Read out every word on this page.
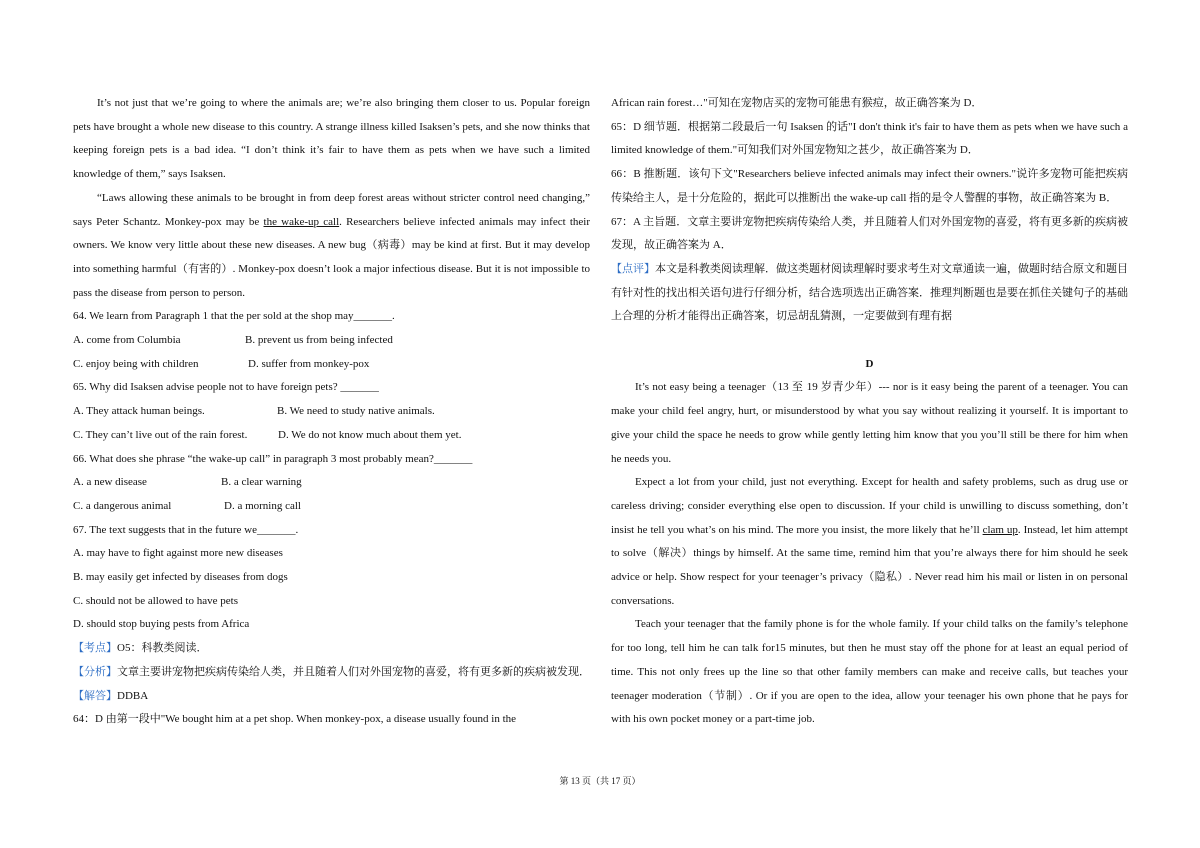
It’s not just that we’re going to where the animals are; we’re also bringing them closer to us. Popular foreign pets have brought a whole new disease to this country. A strange illness killed Isaksen’s pets, and she now thinks that keeping foreign pets is a bad idea. “I don’t think it’s fair to have them as pets when we have such a limited knowledge of them,” says Isaksen.

“Laws allowing these animals to be brought in from deep forest areas without stricter control need changing,” says Peter Schantz. Monkey-pox may be the wake-up call. Researchers believe infected animals may infect their owners. We know very little about these new diseases. A new bug（病毒）may be kind at first. But it may develop into something harmful（有害的）. Monkey-pox doesn’t look a major infectious disease. But it is not impossible to pass the disease from person to person.

64. We learn from Paragraph 1 that the per sold at the shop may_______.

A. come from Columbia	B. prevent us from being infected

C. enjoy being with children	D. suffer from monkey-pox

65. Why did Isaksen advise people not to have foreign pets? _______

A. They attack human beings.	B. We need to study native animals.

C. They can’t live out of the rain forest.	D. We do not know much about them yet.

66. What does she phrase “the wake-up call” in paragraph 3 most probably mean?_______

A. a new disease	B. a clear warning

C. a dangerous animal	D. a morning call

67. The text suggests that in the future we_______.

A. may have to fight against more new diseases

B. may easily get infected by diseases from dogs

C. should not be allowed to have pets

D. should stop buying pests from Africa

【考点】O5：科教类阅读．

【分析】文章主要讲宠物把疾病传染给人类，并且随着人们对外国宠物的喜爱，将有更多新的疾病被发现．

【解答】DDBA

64：D 由第一段中"We bought him at a pet shop. When monkey-pox, a disease usually found in the

African rain forest…"可知在宠物店买的宠物可能患有猴痘，故正确答案为 D．

65：D 细节题．根据第二段最后一句 Isaksen 的话"I don't think it's fair to have them as pets when we have such a limited knowledge of them."可知我们对外国宠物知之甚少，故正确答案为 D．

66：B 推断题．该句下文"Researchers believe infected animals may infect their owners."说许多宠物可能把疾病传染给主人，是十分危险的，据此可以推断出 the wake-up call 指的是令人警醒的事物，故正确答案为 B．

67：A 主旨题．文章主要讲宠物把疾病传染给人类，并且随着人们对外国宠物的喜爱，将有更多新的疾病被发现，故正确答案为 A．

【点评】本文是科教类阅读理解．做这类题材阅读理解时要求考生对文章通读一遍，做题时结合原文和题目有针对性的找出相关语句进行仔细分析，结合选项选出正确答案．推理判断题也是要在抓住关键句子的基础上合理的分析才能得出正确答案，切忌胡乱猜测，一定要做到有理有据

D

It’s not easy being a teenager（13 至 19 岁青少年）--- nor is it easy being the parent of a teenager. You can make your child feel angry, hurt, or misunderstood by what you say without realizing it yourself. It is important to give your child the space he needs to grow while gently letting him know that you you’ll still be there for him when he needs you.

Expect a lot from your child, just not everything. Except for health and safety problems, such as drug use or careless driving; consider everything else open to discussion. If your child is unwilling to discuss something, don’t insist he tell you what’s on his mind. The more you insist, the more likely that he’ll clam up. Instead, let him attempt to solve（解决）things by himself. At the same time, remind him that you’re always there for him should he seek advice or help. Show respect for your teenager’s privacy（隐私）. Never read him his mail or listen in on personal conversations.

Teach your teenager that the family phone is for the whole family. If your child talks on the family’s telephone for too long, tell him he can talk for15 minutes, but then he must stay off the phone for at least an equal period of time. This not only frees up the line so that other family members can make and receive calls, but teaches your teenager moderation（节制）. Or if you are open to the idea, allow your teenager his own phone that he pays for with his own pocket money or a part-time job.

第 13 页（共 17 页）
